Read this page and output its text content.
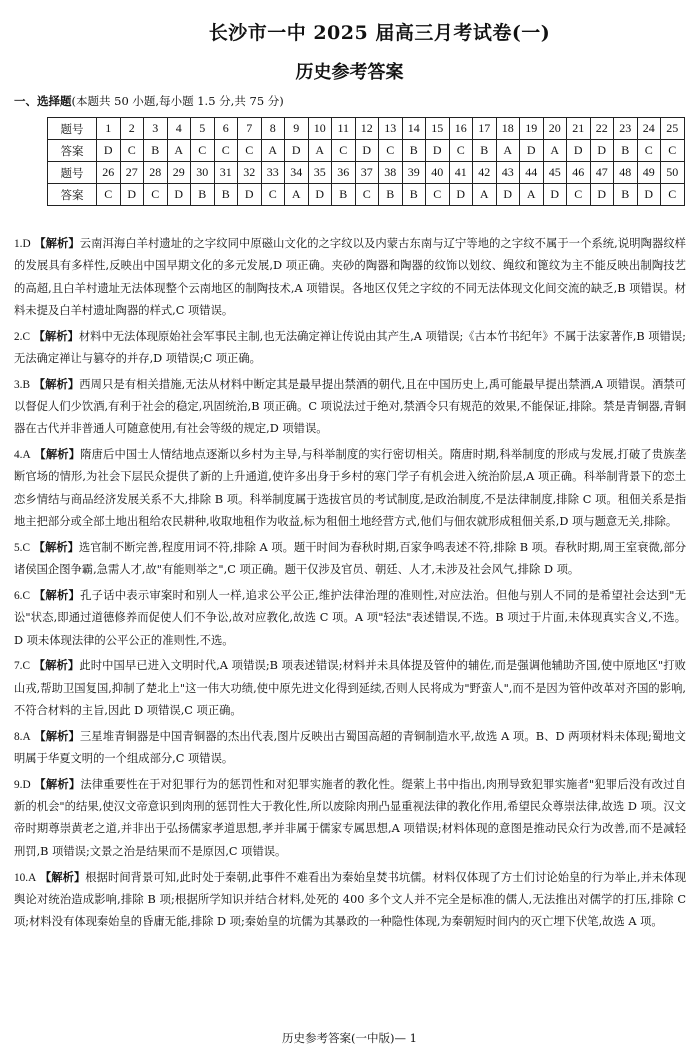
长沙市一中 2025 届高三月考试卷(一)
历史参考答案
一、选择题(本题共 50 小题,每小题 1.5 分,共 75 分)
题号	1	2	3	4	5	6	7	8	9	10	11	12	13	14	15	16	17	18	19	20	21	22	23	24	25
答案	D	C	B	A	C	C	C	A	D	A	C	D	C	B	D	C	B	A	D	A	D	D	B	C	C
题号	26	27	28	29	30	31	32	33	34	35	36	37	38	39	40	41	42	43	44	45	46	47	48	49	50
答案	C	D	C	D	B	B	D	C	A	D	B	C	B	B	C	D	A	D	A	D	C	D	B	D	C
1.D 【解析】云南洱海白羊村遗址的之字纹同中原磁山文化的之字纹以及内蒙古东南与辽宁等地的之字纹不属于一个系统,说明陶器纹样的发展具有多样性,反映出中国早期文化的多元发展,D 项正确。夹砂的陶器和陶器的纹饰以划纹、绳纹和篦纹为主不能反映出制陶技艺的高超,且白羊村遗址无法体现整个云南地区的制陶技术,A 项错误。各地区仅凭之字纹的不同无法体现文化间交流的缺乏,B 项错误。材料未提及白羊村遗址陶器的样式,C 项错误。
2.C 【解析】材料中无法体现原始社会军事民主制,也无法确定禅让传说由其产生,A 项错误;《古本竹书纪年》不属于法家著作,B 项错误;无法确定禅让与篡夺的并存,D 项错误;C 项正确。
3.B 【解析】西周只是有相关措施,无法从材料中断定其是最早提出禁酒的朝代,且在中国历史上,禹可能最早提出禁酒,A 项错误。酒禁可以督促人们少饮酒,有利于社会的稳定,巩固统治,B 项正确。C 项说法过于绝对,禁酒令只有规范的效果,不能保证,排除。禁是青铜器,青铜器在古代并非普通人可随意使用,有社会等级的规定,D 项错误。
4.A 【解析】隋唐后中国士人情结地点逐渐以乡村为主导,与科举制度的实行密切相关。隋唐时期,科举制度的形成与发展,打破了贵族垄断官场的情形,为社会下层民众提供了新的上升通道,使许多出身于乡村的寒门学子有机会进入统治阶层,A 项正确。科举制背景下的恋土恋乡情结与商品经济发展关系不大,排除 B 项。科举制度属于选拔官员的考试制度,是政治制度,不是法律制度,排除 C 项。租佃关系是指地主把部分或全部土地出租给农民耕种,收取地租作为收益,标为租佃土地经营方式,他们与佃农就形成租佃关系,D 项与题意无关,排除。
5.C 【解析】选官制不断完善,程度用词不符,排除 A 项。题干时间为春秋时期,百家争鸣表述不符,排除 B 项。春秋时期,周王室衰微,部分诸侯国企图争霸,急需人才,故"有能则举之",C 项正确。题干仅涉及官员、朝廷、人才,未涉及社会风气,排除 D 项。
6.C 【解析】孔子话中表示审案时和别人一样,追求公平公正,维护法律治理的准则性,对应法治。但他与别人不同的是希望社会达到"无讼"状态,即通过道德修养而促使人们不争讼,故对应教化,故选 C 项。A 项"轻法"表述错误,不选。B 项过于片面,未体现真实含义,不选。D 项未体现法律的公平公正的准则性,不选。
7.C 【解析】此时中国早已进入文明时代,A 项错误;B 项表述错误;材料并未具体提及管仲的辅佐,而是强调他辅助齐国,使中原地区"打败山戎,帮助卫国复国,抑制了楚北上"这一伟大功绩,使中原先进文化得到延续,否则人民将成为"野蛮人",而不是因为管仲改革对齐国的影响,不符合材料的主旨,因此 D 项错误,C 项正确。
8.A 【解析】三星堆青铜器是中国青铜器的杰出代表,图片反映出古蜀国高超的青铜制造水平,故选 A 项。B、D 两项材料未体现;蜀地文明属于华夏文明的一个组成部分,C 项错误。
9.D 【解析】法律重要性在于对犯罪行为的惩罚性和对犯罪实施者的教化性。缇萦上书中指出,肉刑导致犯罪实施者"犯罪后没有改过自新的机会"的结果,使汉文帝意识到肉刑的惩罚性大于教化性,所以废除肉刑凸显重视法律的教化作用,希望民众尊崇法律,故选 D 项。汉文帝时期尊崇黄老之道,并非出于弘扬儒家孝道思想,孝并非属于儒家专属思想,A 项错误;材料体现的意图是推动民众行为改善,而不是减轻刑罚,B 项错误;文景之治是结果而不是原因,C 项错误。
10.A 【解析】根据时间背景可知,此时处于秦朝,此事件不难看出为秦始皇焚书坑儒。材料仅体现了方士们讨论始皇的行为举止,并未体现舆论对统治造成影响,排除 B 项;根据所学知识并结合材料,处死的 400 多个文人并不完全是标准的儒人,无法推出对儒学的打压,排除 C 项;材料没有体现秦始皇的昏庸无能,排除 D 项;秦始皇的坑儒为其暴政的一种隐性体现,为秦朝短时间内的灭亡埋下伏笔,故选 A 项。
历史参考答案(一中版)— 1
